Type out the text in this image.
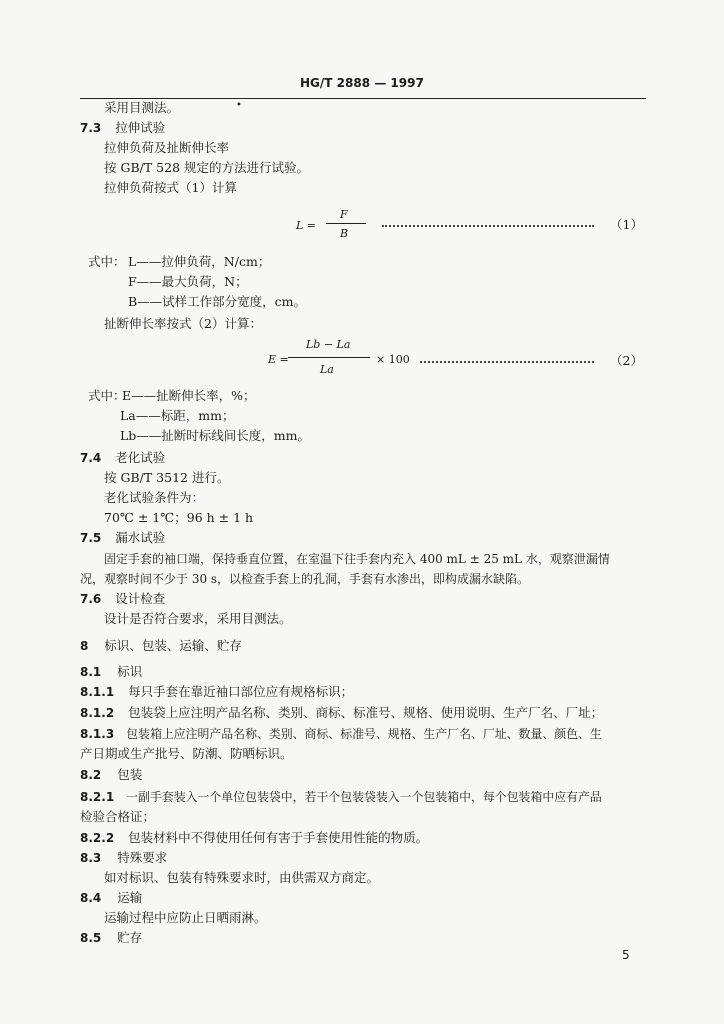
HG/T 2888 — 1997
•
采用目测法。
7.3 拉伸试验
拉伸负荷及扯断伸长率
按 GB/T 528 规定的方法进行试验。
拉伸负荷按式（1）计算
L =
F
B
（1）
式中： L——拉伸负荷，N/cm；
F——最大负荷，N；
B——试样工作部分宽度，cm。
扯断伸长率按式（2）计算：
E =
Lb − La
La
× 100	（2）
式中：
E——扯断伸长率，%；
La——标距，mm；
Lb——扯断时标线间长度，mm。
7.4 老化试验
按 GB/T 3512 进行。
老化试验条件为：
70℃ ± 1℃；96 h ± 1 h
7.5 漏水试验
固定手套的袖口端，保持垂直位置，在室温下往手套内充入 400 mL ± 25 mL 水，观察泄漏情
况，观察时间不少于 30 s，以检查手套上的孔洞，手套有水渗出，即构成漏水缺陷。
7.6 设计检查
设计是否符合要求，采用目测法。
8 标识、包装、运输、贮存
8.1 标识
8.1.1 每只手套在靠近袖口部位应有规格标识；
8.1.2 包装袋上应注明产品名称、类别、商标、标准号、规格、使用说明、生产厂名、厂址；
8.1.3 包装箱上应注明产品名称、类别、商标、标准号、规格、生产厂名、厂址、数量、颜色、生
产日期或生产批号、防潮、防晒标识。
8.2 包装
8.2.1 一副手套装入一个单位包装袋中，若干个包装袋装入一个包装箱中，每个包装箱中应有产品
检验合格证；
8.2.2 包装材料中不得使用任何有害于手套使用性能的物质。
8.3 特殊要求
如对标识、包装有特殊要求时，由供需双方商定。
8.4 运输
运输过程中应防止日晒雨淋。
8.5 贮存
5
